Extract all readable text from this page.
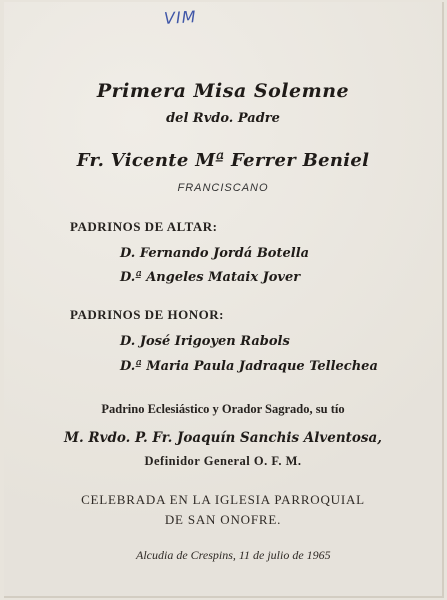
VIM
Primera Misa Solemne
del Rvdo. Padre
Fr. Vicente Mª Ferrer Beniel
FRANCISCANO
PADRINOS DE ALTAR:
D. Fernando Jordá Botella
D.ª Angeles Mataix Jover
PADRINOS DE HONOR:
D. José Irigoyen Rabols
D.ª Maria Paula Jadraque Tellechea
Padrino Eclesiástico y Orador Sagrado, su tío
M. Rvdo. P. Fr. Joaquín Sanchis Alventosa,
Definidor General O. F. M.
CELEBRADA EN LA IGLESIA PARROQUIAL
DE SAN ONOFRE.
Alcudia de Crespins, 11 de julio de 1965
